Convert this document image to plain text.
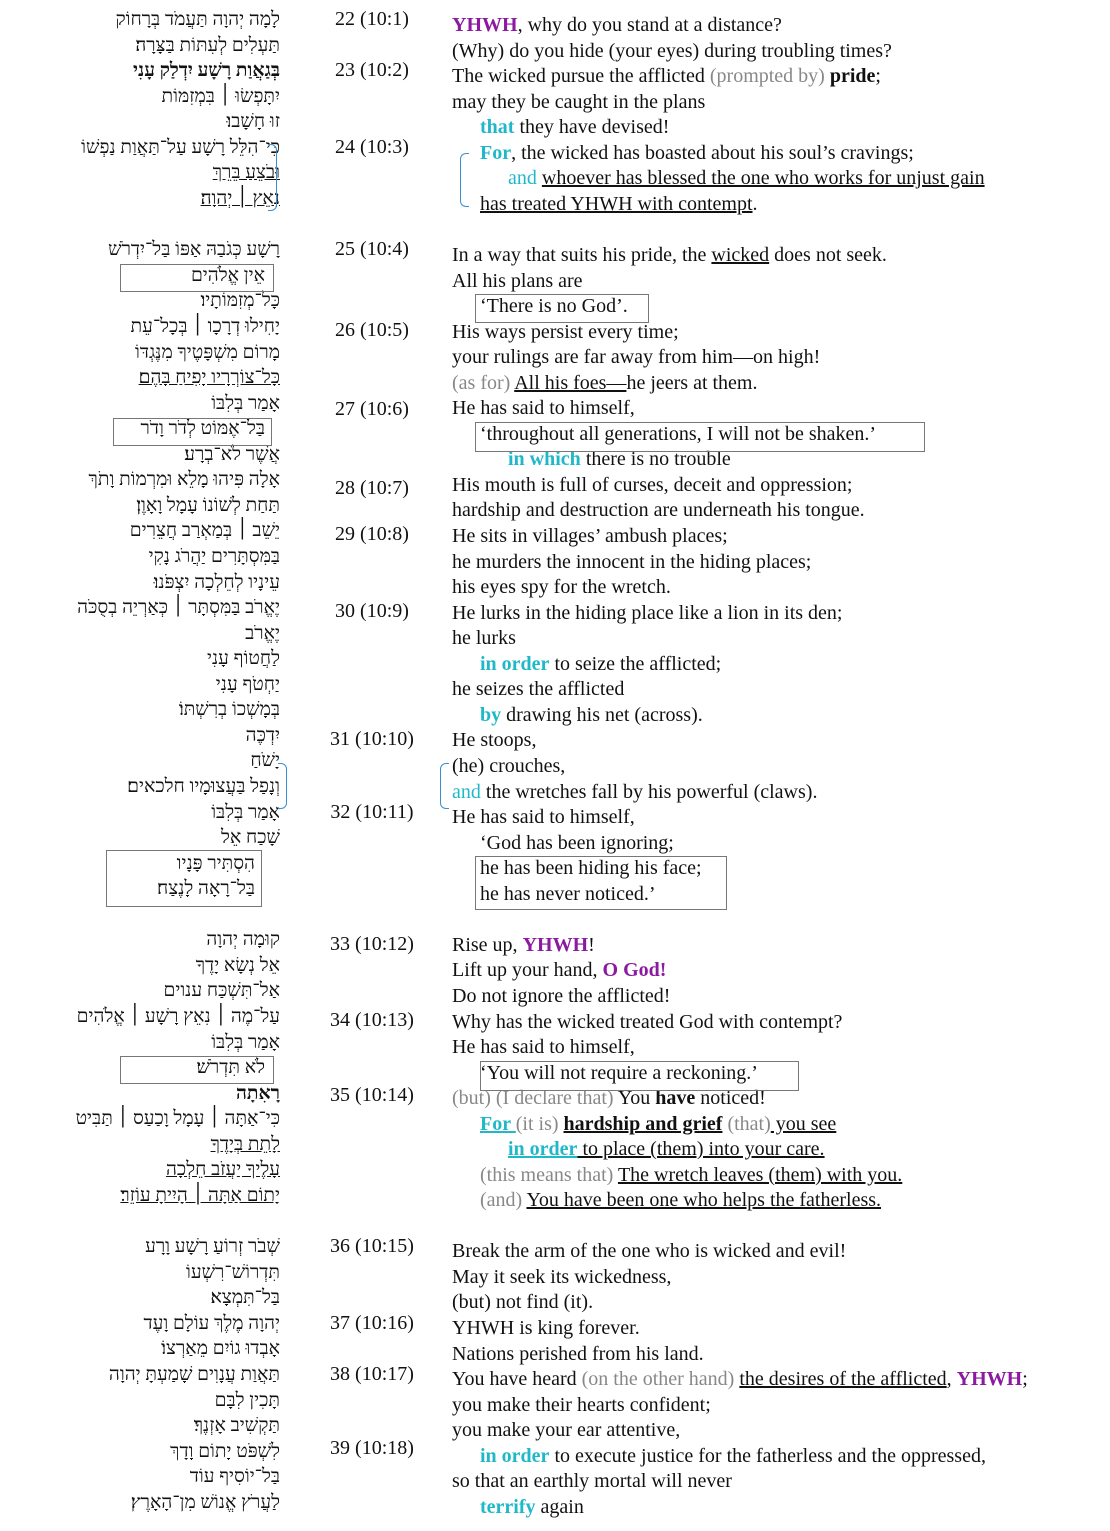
לָמָה יְהוָה תַּעֲמֹד בְּרָחוֹק
תַּעְלִים לְעִתּוֹת בַּצָּרָה׃
בְּגַאֲוַת רָשָׁע יִדְלַק עָנִי
יִתָּפְשׂוּ ׀ בִּמְזִמּוֹת
זוּ חָשָׁבוּ׃
כִּי־הִלֵּל רָשָׁע עַל־תַּאֲוַת נַפְשׁוֹ
וּבֹצֵעַ בֵּרֵךְ
נִאֵץ ׀ יְהוָה׃
רָשָׁע כְּגֹבַהּ אַפּוֹ בַּל־יִדְרֹשׁ
אֵין אֱלֹהִים
כָּל־מְזִמּוֹתָיו׃
יָחִילוּ דְרָכָו ׀ בְּכָל־עֵת
מָרוֹם מִשְׁפָּטֶיךָ מִנֶּגְדּוֹ
כָּל־צוֹרְרָיו יָפִיחַ בָּהֶם׃
אָמַר בְּלִבּוֹ
בַּל־אֶמּוֹט לְדֹר וָדֹר
אֲשֶׁר לֹא־בְרָע׃
אָלָה פִּיהוּ מָלֵא וּמִרְמוֹת וָתֹךְ
תַּחַת לְשׁוֹנוֹ עָמָל וָאָוֶן׃
יֵשֵׁב ׀ בְּמַאְרַב חֲצֵרִים
בַּמִּסְתָּרִים יַהֲרֹג נָקִי
עֵינָיו לְחֵלְכָה יִצְפֹּנוּ׃
יֶאֱרֹב בַּמִּסְתָּר ׀ כְּאַרְיֵה בְסֻכֹּה
יֶאֱרֹב
לַחֲטוֹף עָנִי
יַחְטֹף עָנִי
בְּמָשְׁכוֹ בְרִשְׁתּוֹ׃
יִדְכֶּה
יָשֹׁחַ
וְנָפַל בַּעֲצוּמָיו חלכאים׃
אָמַר בְּלִבּוֹ
שָׁכַח אֵל
הִסְתִּיר פָּנָיו
בַּל־רָאָה לָנֶצַח׃
קוּמָה יְהוָה
אֵל נְשָׂא יָדֶךָ
אַל־תִּשְׁכַּח ענוים
עַל־מֶה ׀ נִאֵץ רָשָׁע ׀ אֱלֹהִים
אָמַר בְּלִבּוֹ
לֹא תִּדְרֹשׁ׃
רָאִתָה
כִּי־אַתָּה ׀ עָמָל וָכַעַס ׀ תַּבִּיט
לָתֵת בְּיָדֶךָ
עָלֶיךָ יַעֲזֹב חֵלְכָה
יָתוֹם אַתָּה ׀ הָיִיתָ עוֹזֵר׃
שְׁבֹר זְרוֹעַ רָשָׁע וָרָע
תִּדְרוֹשׁ־רִשְׁעוֹ
בַּל־תִּמְצָא׃
יְהוָה מֶלֶךְ עוֹלָם וָעֶד
אָבְדוּ גוֹיִם מֵאַרְצוֹ׃
תַּאֲוַת עֲנָוִים שָׁמַעְתָּ יְהוָה
תָּכִין לִבָּם
תַּקְשִׁיב אָזְנֶךָ׃
לִשְׁפֹּט יָתוֹם וָדָךְ
בַּל־יוֹסִיף עוֹד
לַעֲרֹץ אֱנוֹשׁ מִן־הָאָרֶץ׃
22 (10:1)
23 (10:2)
24 (10:3)
25 (10:4)
26 (10:5)
27 (10:6)
28 (10:7)
29 (10:8)
30 (10:9)
31 (10:10)
32 (10:11)
33 (10:12)
34 (10:13)
35 (10:14)
36 (10:15)
37 (10:16)
38 (10:17)
39 (10:18)
YHWH, why do you stand at a distance?
(Why) do you hide (your eyes) during troubling times?
The wicked pursue the afflicted (prompted by) pride;
may they be caught in the plans
that they have devised!
For, the wicked has boasted about his soul’s cravings;
and whoever has blessed the one who works for unjust gain
has treated YHWH with contempt.
In a way that suits his pride, the wicked does not seek.
All his plans are
‘There is no God’.
His ways persist every time;
your rulings are far away from him—on high!
(as for) All his foes—he jeers at them.
He has said to himself,
‘throughout all generations, I will not be shaken.’
in which there is no trouble
His mouth is full of curses, deceit and oppression;
hardship and destruction are underneath his tongue.
He sits in villages’ ambush places;
he murders the innocent in the hiding places;
his eyes spy for the wretch.
He lurks in the hiding place like a lion in its den;
he lurks
in order to seize the afflicted;
he seizes the afflicted
by drawing his net (across).
He stoops,
(he) crouches,
and the wretches fall by his powerful (claws).
He has said to himself,
‘God has been ignoring;
he has been hiding his face;
he has never noticed.’
Rise up, YHWH!
Lift up your hand, O God!
Do not ignore the afflicted!
Why has the wicked treated God with contempt?
He has said to himself,
‘You will not require a reckoning.’
(but) (I declare that) You have noticed!
For (it is) hardship and grief (that) you see
in order to place (them) into your care.
(this means that) The wretch leaves (them) with you.
(and) You have been one who helps the fatherless.
Break the arm of the one who is wicked and evil!
May it seek its wickedness,
(but) not find (it).
YHWH is king forever.
Nations perished from his land.
You have heard (on the other hand) the desires of the afflicted, YHWH;
you make their hearts confident;
you make your ear attentive,
in order to execute justice for the fatherless and the oppressed,
so that an earthly mortal will never
terrify again
